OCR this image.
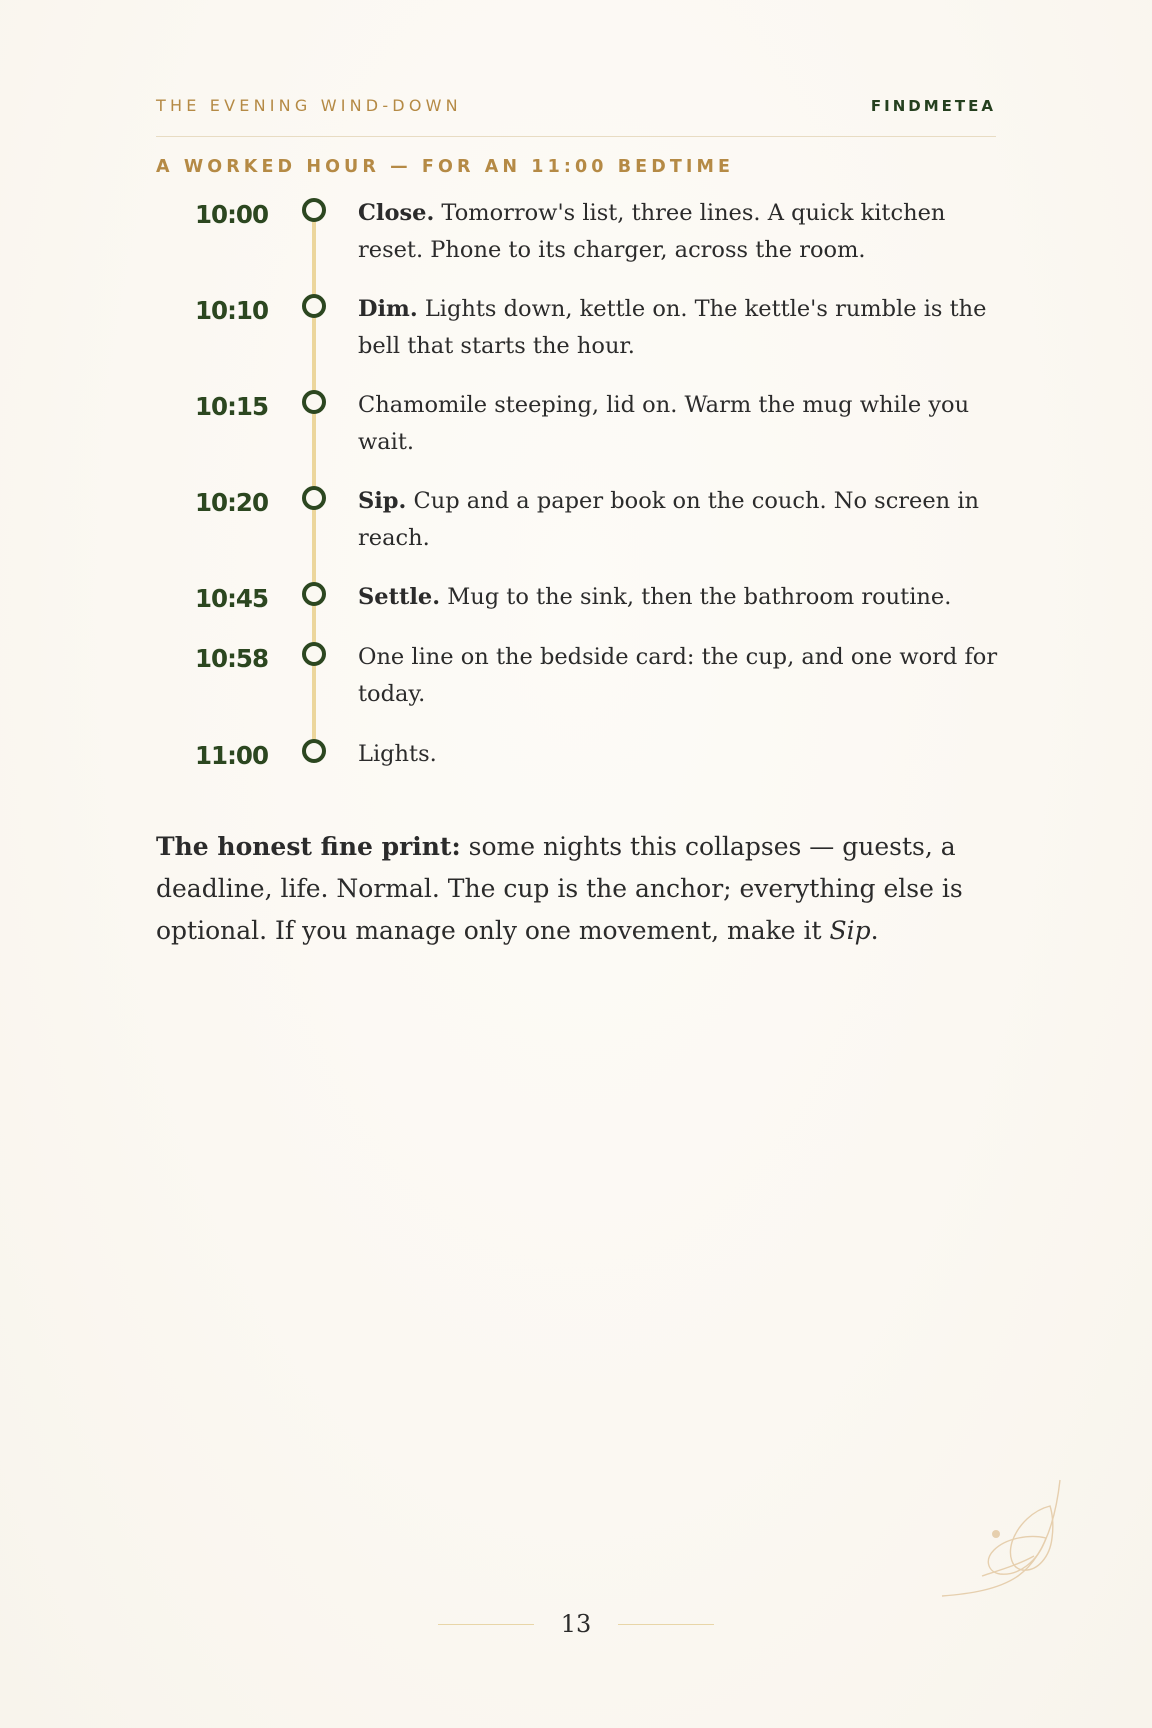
THE EVENING WIND-DOWN	FINDMETEA
A WORKED HOUR — FOR AN 11:00 BEDTIME
10:00	Close. Tomorrow's list, three lines. A quick kitchen reset. Phone to its charger, across the room.
10:10	Dim. Lights down, kettle on. The kettle's rumble is the bell that starts the hour.
10:15	Chamomile steeping, lid on. Warm the mug while you wait.
10:20	Sip. Cup and a paper book on the couch. No screen in reach.
10:45	Settle. Mug to the sink, then the bathroom routine.
10:58	One line on the bedside card: the cup, and one word for today.
11:00	Lights.
The honest fine print: some nights this collapses — guests, a deadline, life. Normal. The cup is the anchor; everything else is optional. If you manage only one movement, make it Sip.
13
